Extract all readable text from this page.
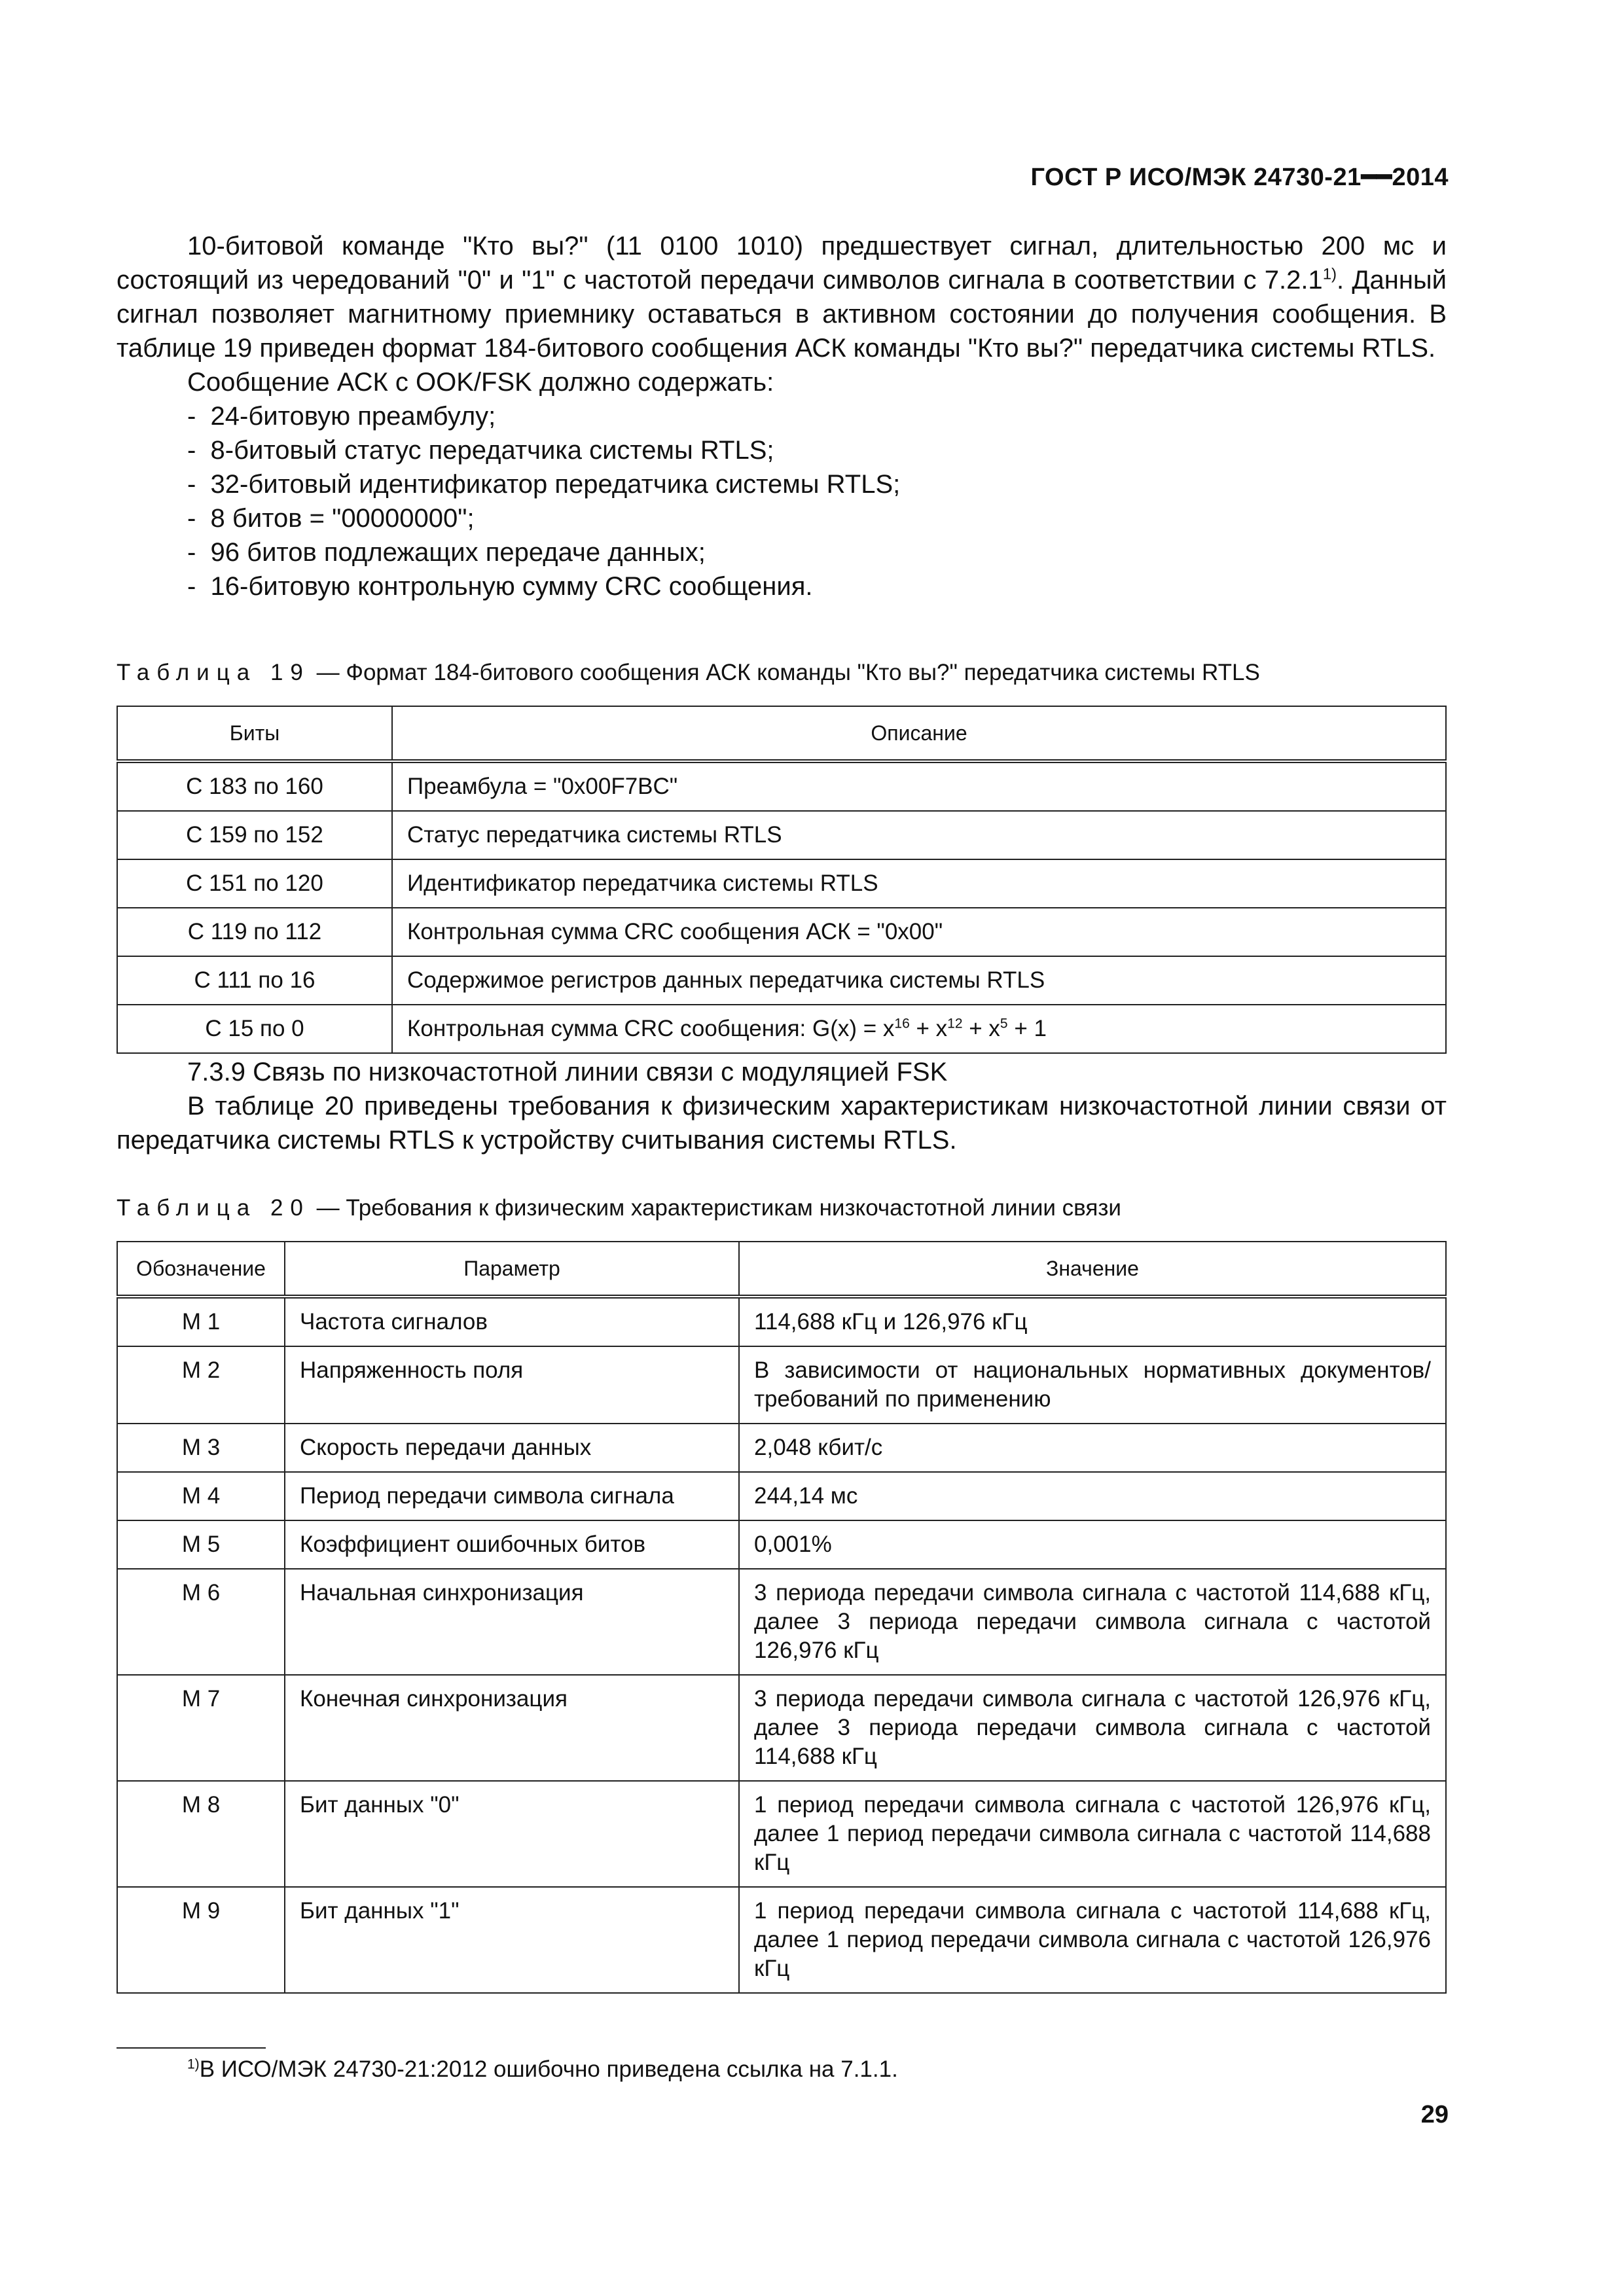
ГОСТ Р ИСО/МЭК 24730-21━━2014

10-битовой команде "Кто вы?" (11 0100 1010) предшествует сигнал, длительностью 200 мс и состоящий из чередований "0" и "1" с частотой передачи символов сигнала в соответствии с 7.2.1$^{1)}$. Данный сигнал позволяет магнитному приемнику оставаться в активном состоянии до получения сообщения. В таблице 19 приведен формат 184-битового сообщения АСК команды "Кто вы?" передатчика системы RTLS.

Сообщение АСК с OOK/FSK должно содержать:

- 24-битовую преамбулу;
- 8-битовый статус передатчика системы RTLS;
- 32-битовый идентификатор передатчика системы RTLS;
- 8 битов = "00000000";
- 96 битов подлежащих передаче данных;
- 16-битовую контрольную сумму CRC сообщения.
Таблица 19 — Формат 184-битового сообщения АСК команды "Кто вы?" передатчика системы RTLS
Биты	Описание
С 183 по 160	Преамбула = "0x00F7BC"
С 159 по 152	Статус передатчика системы RTLS
С 151 по 120	Идентификатор передатчика системы RTLS
С 119 по 112	Контрольная сумма CRC сообщения АСК = "0x00"
С 111 по 16	Содержимое регистров данных передатчика системы RTLS
С 15 по 0	Контрольная сумма CRC сообщения: $G(x) = x^{16} + x^{12} + x^5 + 1$

7.3.9 Связь по низкочастотной линии связи с модуляцией FSK

В таблице 20 приведены требования к физическим характеристикам низкочастотной линии связи от передатчика системы RTLS к устройству считывания системы RTLS.

Таблица 20 — Требования к физическим характеристикам низкочастотной линии связи
Обозначение	Параметр	Значение
М 1	Частота сигналов	114,688 кГц и 126,976 кГц
М 2	Напряженность поля	В зависимости от национальных нормативных документов/ требований по применению
М 3	Скорость передачи данных	2,048 кбит/с
М 4	Период передачи символа сигнала	244,14 мс
М 5	Коэффициент ошибочных битов	0,001%
М 6	Начальная синхронизация	3 периода передачи символа сигнала с частотой 114,688 кГц, далее 3 периода передачи символа сигнала с частотой 126,976 кГц
М 7	Конечная синхронизация	3 периода передачи символа сигнала с частотой 126,976 кГц, далее 3 периода передачи символа сигнала с частотой 114,688 кГц
М 8	Бит данных "0"	1 период передачи символа сигнала с частотой 126,976 кГц, далее 1 период передачи символа сигнала с частотой 114,688 кГц
М 9	Бит данных "1"	1 период передачи символа сигнала с частотой 114,688 кГц, далее 1 период передачи символа сигнала с частотой 126,976 кГц
$^{1)}$В ИСО/МЭК 24730-21:2012 ошибочно приведена ссылка на 7.1.1.
29
